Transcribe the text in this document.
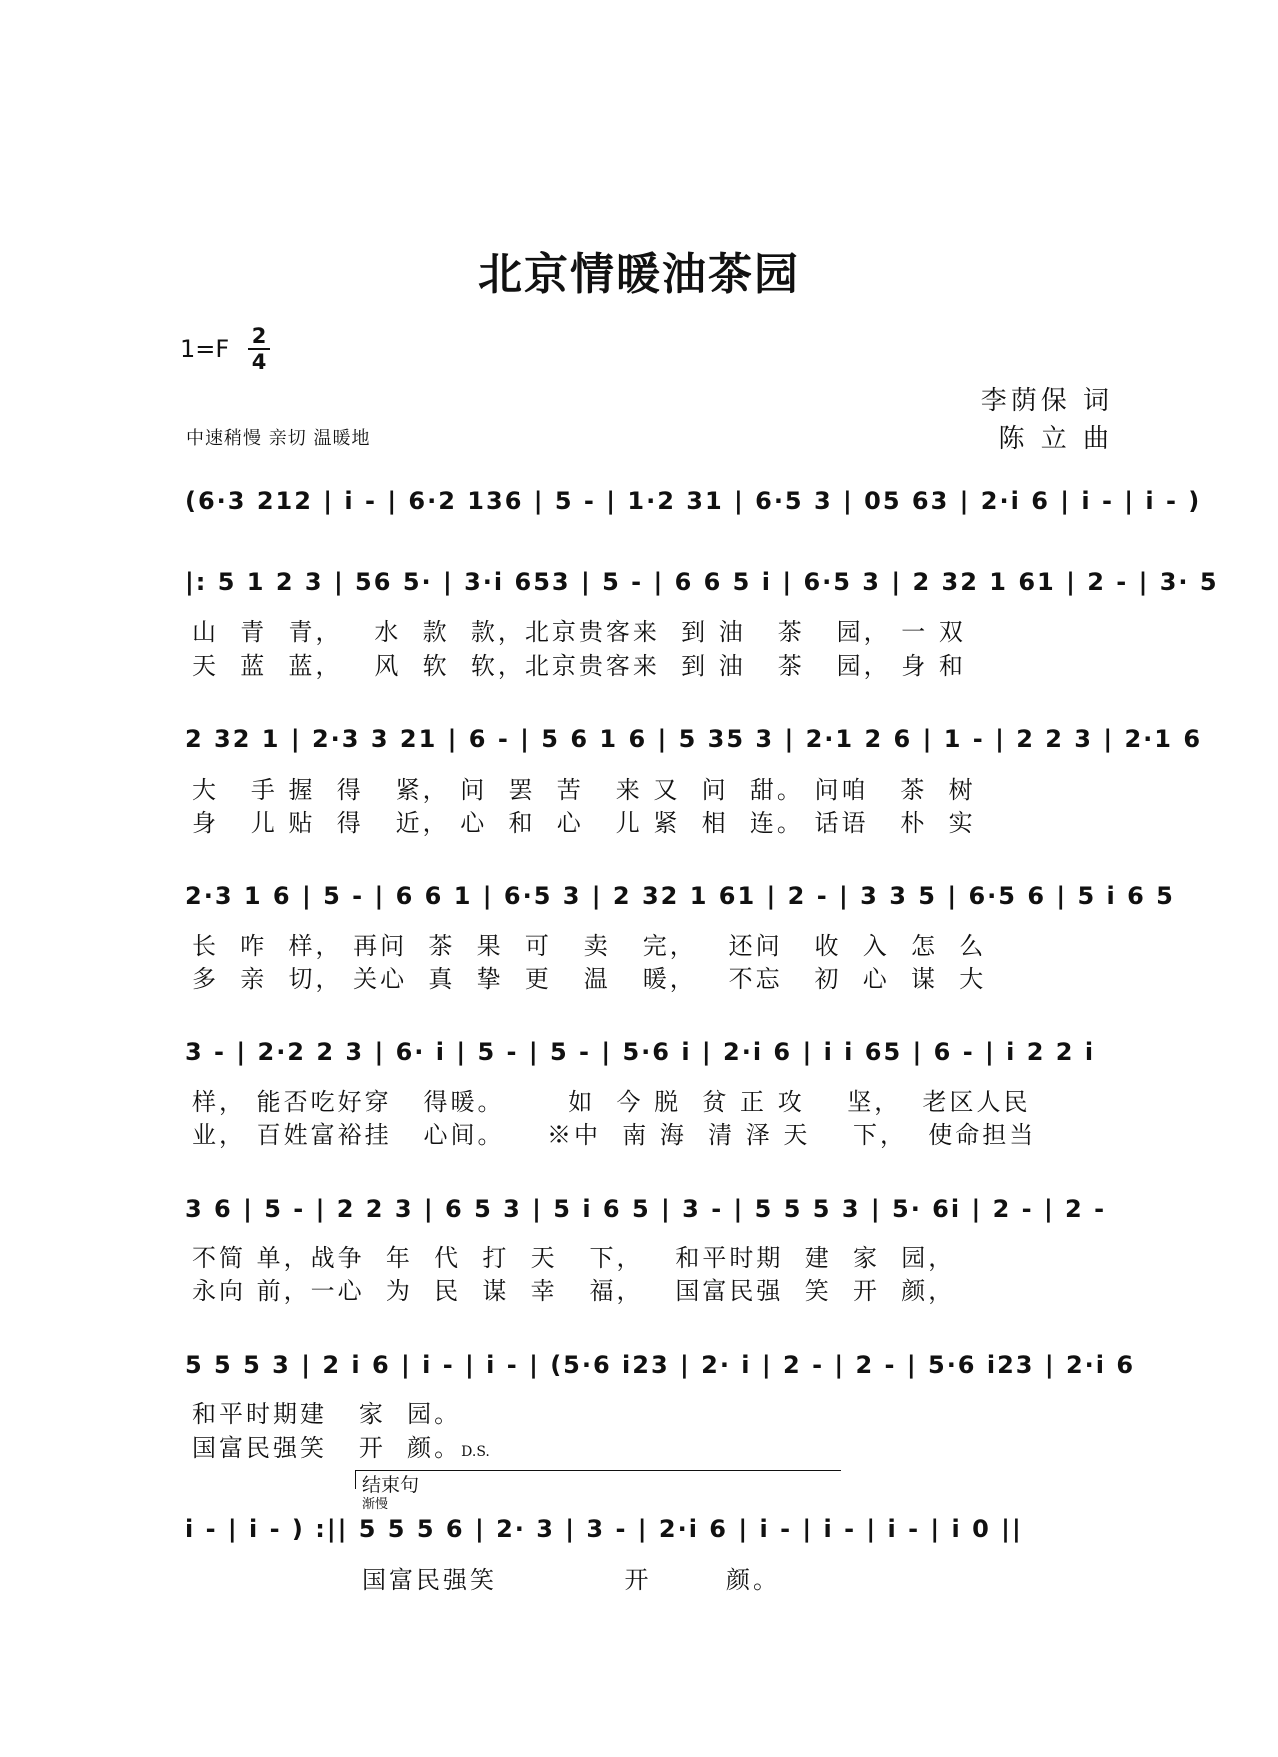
北京情暖油茶园
1=F 2
4
李荫保 词
陈 立 曲
中速稍慢 亲切 温暖地
(6·3 212 | i - | 6·2 136 | 5 - | 1·2 31 | 6·5 3 | 05 63 | 2·i 6 | i - | i - )
|: 5 1 2 3 | 56 5· | 3·i 653 | 5 - | 6 6 5 i | 6·5 3 | 2 32 1 61 | 2 - | 3· 5
山  青  青，   水  款  款，北京贵客来  到 油   茶   园， 一 双
天  蓝  蓝，   风  软  软，北京贵客来  到 油   茶   园， 身 和
2 32 1 | 2·3 3 21 | 6 - | 5 6 1 6 | 5 35 3 | 2·1 2 6 | 1 - | 2 2 3 | 2·1 6
大   手 握  得   紧， 问  罢  苦   来 又  问  甜。 问咱   茶  树
身   儿 贴  得   近， 心  和  心   儿 紧  相  连。 话语   朴  实
2·3 1 6 | 5 - | 6 6 1 | 6·5 3 | 2 32 1 61 | 2 - | 3 3 5 | 6·5 6 | 5 i 6 5
长  咋  样， 再问  茶  果  可   卖   完，   还问   收  入  怎  么
多  亲  切， 关心  真  挚  更   温   暖，   不忘   初  心  谋  大
3 - | 2·2 2 3 | 6· i | 5 - | 5 - | 5·6 i | 2·i 6 | i i 65 | 6 - | i 2 2 i
样， 能否吃好穿   得暖。      如  今 脱  贫 正 攻    坚，  老区人民
业， 百姓富裕挂   心间。    ※中  南 海  清 泽 天    下，  使命担当
3 6 | 5 - | 2 2 3 | 6 5 3 | 5 i 6 5 | 3 - | 5 5 5 3 | 5· 6i | 2 - | 2 -
不简 单，战争  年  代  打  天   下，   和平时期  建  家  园，
永向 前，一心  为  民  谋  幸   福，   国富民强  笑  开  颜，
5 5 5 3 | 2 i 6 | i - | i - | (5·6 i23 | 2· i | 2 - | 2 - | 5·6 i23 | 2·i 6
和平时期建   家  园。
国富民强笑   开  颜。D.S.
结束句
渐慢
i - | i - ) :|| 5 5 5 6 | 2· 3 | 3 - | 2·i 6 | i - | i - | i - | i 0 ||
国富民强笑            开       颜。
